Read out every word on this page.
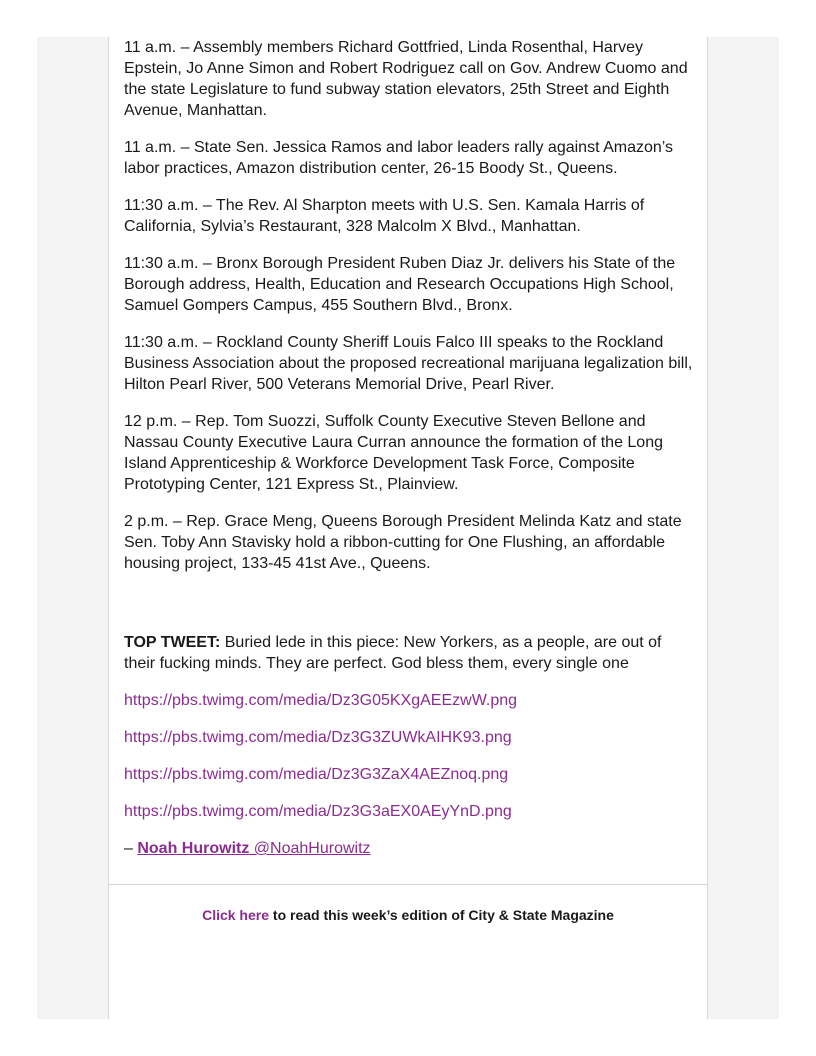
11 a.m. – Assembly members Richard Gottfried, Linda Rosenthal, Harvey Epstein, Jo Anne Simon and Robert Rodriguez call on Gov. Andrew Cuomo and the state Legislature to fund subway station elevators, 25th Street and Eighth Avenue, Manhattan.

11 a.m. – State Sen. Jessica Ramos and labor leaders rally against Amazon’s labor practices, Amazon distribution center, 26-15 Boody St., Queens.

11:30 a.m. – The Rev. Al Sharpton meets with U.S. Sen. Kamala Harris of California, Sylvia’s Restaurant, 328 Malcolm X Blvd., Manhattan.

11:30 a.m. – Bronx Borough President Ruben Diaz Jr. delivers his State of the Borough address, Health, Education and Research Occupations High School, Samuel Gompers Campus, 455 Southern Blvd., Bronx.

11:30 a.m. – Rockland County Sheriff Louis Falco III speaks to the Rockland Business Association about the proposed recreational marijuana legalization bill, Hilton Pearl River, 500 Veterans Memorial Drive, Pearl River.

12 p.m. – Rep. Tom Suozzi, Suffolk County Executive Steven Bellone and Nassau County Executive Laura Curran announce the formation of the Long Island Apprenticeship & Workforce Development Task Force, Composite Prototyping Center, 121 Express St., Plainview.

2 p.m. – Rep. Grace Meng, Queens Borough President Melinda Katz and state Sen. Toby Ann Stavisky hold a ribbon-cutting for One Flushing, an affordable housing project, 133-45 41st Ave., Queens.

TOP TWEET: Buried lede in this piece: New Yorkers, as a people, are out of their fucking minds. They are perfect. God bless them, every single one

https://pbs.twimg.com/media/Dz3G05KXgAEEzwW.png

https://pbs.twimg.com/media/Dz3G3ZUWkAIHK93.png

https://pbs.twimg.com/media/Dz3G3ZaX4AEZnoq.png

https://pbs.twimg.com/media/Dz3G3aEX0AEyYnD.png

– Noah Hurowitz @NoahHurowitz

Click here to read this week’s edition of City & State Magazine
